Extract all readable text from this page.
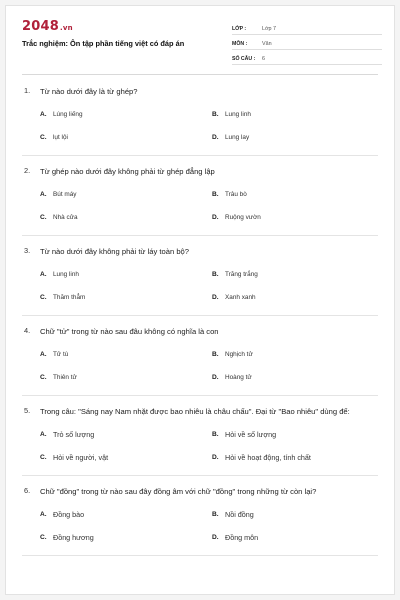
2048.vn
Trắc nghiệm: Ôn tập phần tiếng việt có đáp án
LỚP :	Lớp 7
MÔN :	Văn
SỐ CÂU :	6
1.	Từ nào dưới đây là từ ghép?
A.	Lúng liếng	B.	Lung linh
C.	lụt lội	D.	Lung lay
2.	Từ ghép nào dưới đây không phải từ ghép đẳng lập
A.	Bút máy	B.	Trâu bò
C.	Nhà cửa	D.	Ruộng vườn
3.	Từ nào dưới đây không phải từ láy toàn bộ?
A.	Lung linh	B.	Trăng trắng
C.	Thăm thẳm	D.	Xanh xanh
4.	Chữ "tử" trong từ nào sau đâu không có nghĩa là con
A.	Tử tù	B.	Nghịch tử
C.	Thiên tử	D.	Hoàng tử
5.	Trong câu: "Sáng nay Nam nhặt được bao nhiêu là châu chấu". Đại từ "Bao nhiêu" dùng để:
A. Trỏ số lượng	B. Hỏi về số lượng
C. Hỏi về người, vật	D. Hỏi về hoạt động, tính chất
6.	Chữ "đồng" trong từ nào sau đây đồng âm với chữ "đồng" trong những từ còn lại?
A. Đồng bào	B. Nồi đồng
C. Đồng hương	D. Đồng môn
